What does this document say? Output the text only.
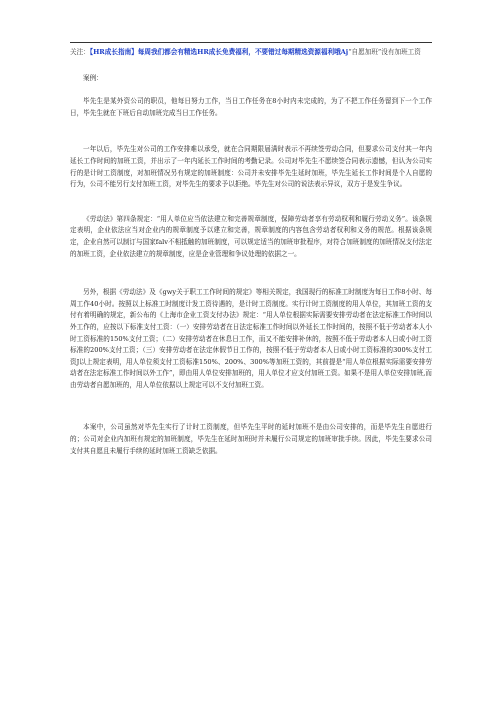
关注：【HR成长指南】每周我们都会有精选HR成长免费福利，不要错过每期精选资源福利哦Aj“自愿加班”没有加班工资

案例：

毕先生是某外资公司的职员，他每日努力工作，当日工作任务在8小时内未完成的，为了不把工作任务留到下一个工作日，毕先生就在下班后自动加班完成当日工作任务。

一年以后，毕先生对公司的工作安排难以承受，就在合同期限届满时表示不再续签劳动合同，但要求公司支付其一年内延长工作时间的加班工资，并出示了一年内延长工作时间的考勤记录。公司对毕先生不愿续签合同表示遗憾，但认为公司实行的是计时工资制度，对加班情况另有规定的加班制度：公司并未安排毕先生延时加班，毕先生延长工作时间是个人自愿的行为，公司不能另行支付加班工资，对毕先生的要求予以拒绝。毕先生对公司的说法表示异议，双方于是发生争议。

《劳动法》第四条规定：“用人单位应当依法建立和完善规章制度，保障劳动者享有劳动权利和履行劳动义务”。该条规定表明，企业依法应当对企业内的规章制度予以建立和完善，规章制度的内容包含劳动者权利和义务的规范。根据该条规定，企业自然可以制订与国家falv不相抵触的加班制度，可以规定适当的加班审批程序，对符合加班制度的加班情况支付法定的加班工资，企业依法建立的规章制度，应是企业管理和争议处理的依据之一。

另外，根据《劳动法》及《gwy关于职工工作时间的规定》等相关规定，我国现行的标准工时制度为每日工作8小时、每周工作40小时。按照以上标准工时制度计发工资待遇的，是计时工资制度。实行计时工资制度的用人单位，其加班工资的支付有着明确的规定，新公布的《上海市企业工资支付办法》规定：“用人单位根据实际需要安排劳动者在法定标准工作时间以外工作的，应按以下标准支付工资：（一）安排劳动者在日法定标准工作时间以外延长工作时间的，按照不低于劳动者本人小时工资标准的150%支付工资；（二）安排劳动者在休息日工作，而又不能安排补休的，按照不低于劳动者本人日或小时工资标准的200%支付工资；（三）安排劳动者在法定休假节日工作的，按照不低于劳动者本人日或小时工资标准的300%支付工资J以上规定表明，用人单位须支付工资标准150%、200%、300%等加班工资的，其前提是“用人单位根据实际需要安排劳动者在法定标准工作时间以外工作”，即由用人单位安排加班的，用人单位才应支付加班工资。如果不是用人单位安排加班,而由劳动者自愿加班的，用人单位依据以上规定可以不支付加班工资。

本案中，公司虽然对毕先生实行了计时工资制度，但毕先生平时的延时加班不是由公司安排的，而是毕先生自愿进行的；公司对企业内加班有规定的加班制度，毕先生在延时加班时并未履行公司规定的加班审批手续。因此，毕先生要求公司支付其自愿且未履行手续的延时加班工资缺乏依据。
